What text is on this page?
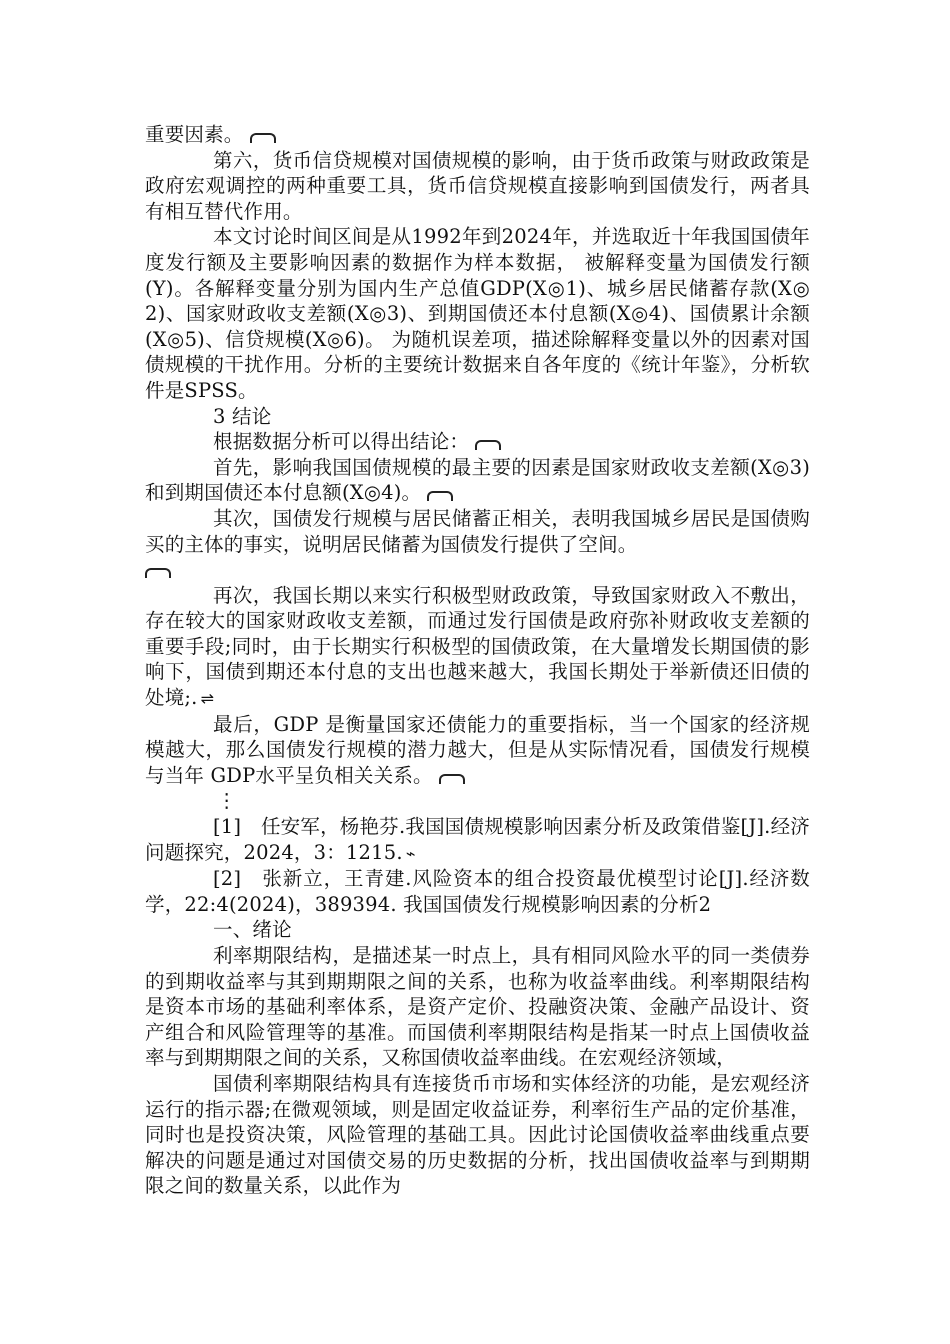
重要因素。

第六，货币信贷规模对国债规模的影响，由于货币政策与财政政策是政府宏观调控的两种重要工具，货币信贷规模直接影响到国债发行，两者具有相互替代作用。

本文讨论时间区间是从1992年到2024年，并选取近十年我国国债年度发行额及主要影响因素的数据作为样本数据， 被解释变量为国债发行额(Y)。各解释变量分别为国内生产总值GDP(X◎1)、城乡居民储蓄存款(X◎2)、国家财政收支差额(X◎3)、到期国债还本付息额(X◎4)、国债累计余额(X◎5)、信贷规模(X◎6)。 为随机误差项，描述除解释变量以外的因素对国债规模的干扰作用。分析的主要统计数据来自各年度的《统计年鉴》，分析软件是SPSS。

3 结论

根据数据分析可以得出结论：

首先，影响我国国债规模的最主要的因素是国家财政收支差额(X◎3)和到期国债还本付息额(X◎4)。

其次，国债发行规模与居民储蓄正相关，表明我国城乡居民是国债购买的主体的事实，说明居民储蓄为国债发行提供了空间。

再次，我国长期以来实行积极型财政政策，导致国家财政入不敷出，存在较大的国家财政收支差额，而通过发行国债是政府弥补财政收支差额的重要手段;同时，由于长期实行积极型的国债政策，在大量增发长期国债的影响下，国债到期还本付息的支出也越来越大，我国长期处于举新债还旧债的处境;. ⇌

最后，GDP 是衡量国家还债能力的重要指标，当一个国家的经济规模越大，那么国债发行规模的潜力越大，但是从实际情况看，国债发行规模与当年 GDP水平呈负相关关系。

⋮

[1]　任安军，杨艳芬.我国国债规模影响因素分析及政策借鉴[J].经济问题探究，2024，3：1215. ⌁

[2]　张新立，王青建.风险资本的组合投资最优模型讨论[J].经济数学，22:4(2024)，389394. 我国国债发行规模影响因素的分析2

一、绪论

利率期限结构，是描述某一时点上，具有相同风险水平的同一类债券的到期收益率与其到期期限之间的关系，也称为收益率曲线。利率期限结构是资本市场的基础利率体系，是资产定价、投融资决策、金融产品设计、资产组合和风险管理等的基准。而国债利率期限结构是指某一时点上国债收益率与到期期限之间的关系，又称国债收益率曲线。在宏观经济领域，

国债利率期限结构具有连接货币市场和实体经济的功能，是宏观经济运行的指示器;在微观领域，则是固定收益证券，利率衍生产品的定价基准，同时也是投资决策，风险管理的基础工具。因此讨论国债收益率曲线重点要解决的问题是通过对国债交易的历史数据的分析，找出国债收益率与到期期限之间的数量关系，以此作为
